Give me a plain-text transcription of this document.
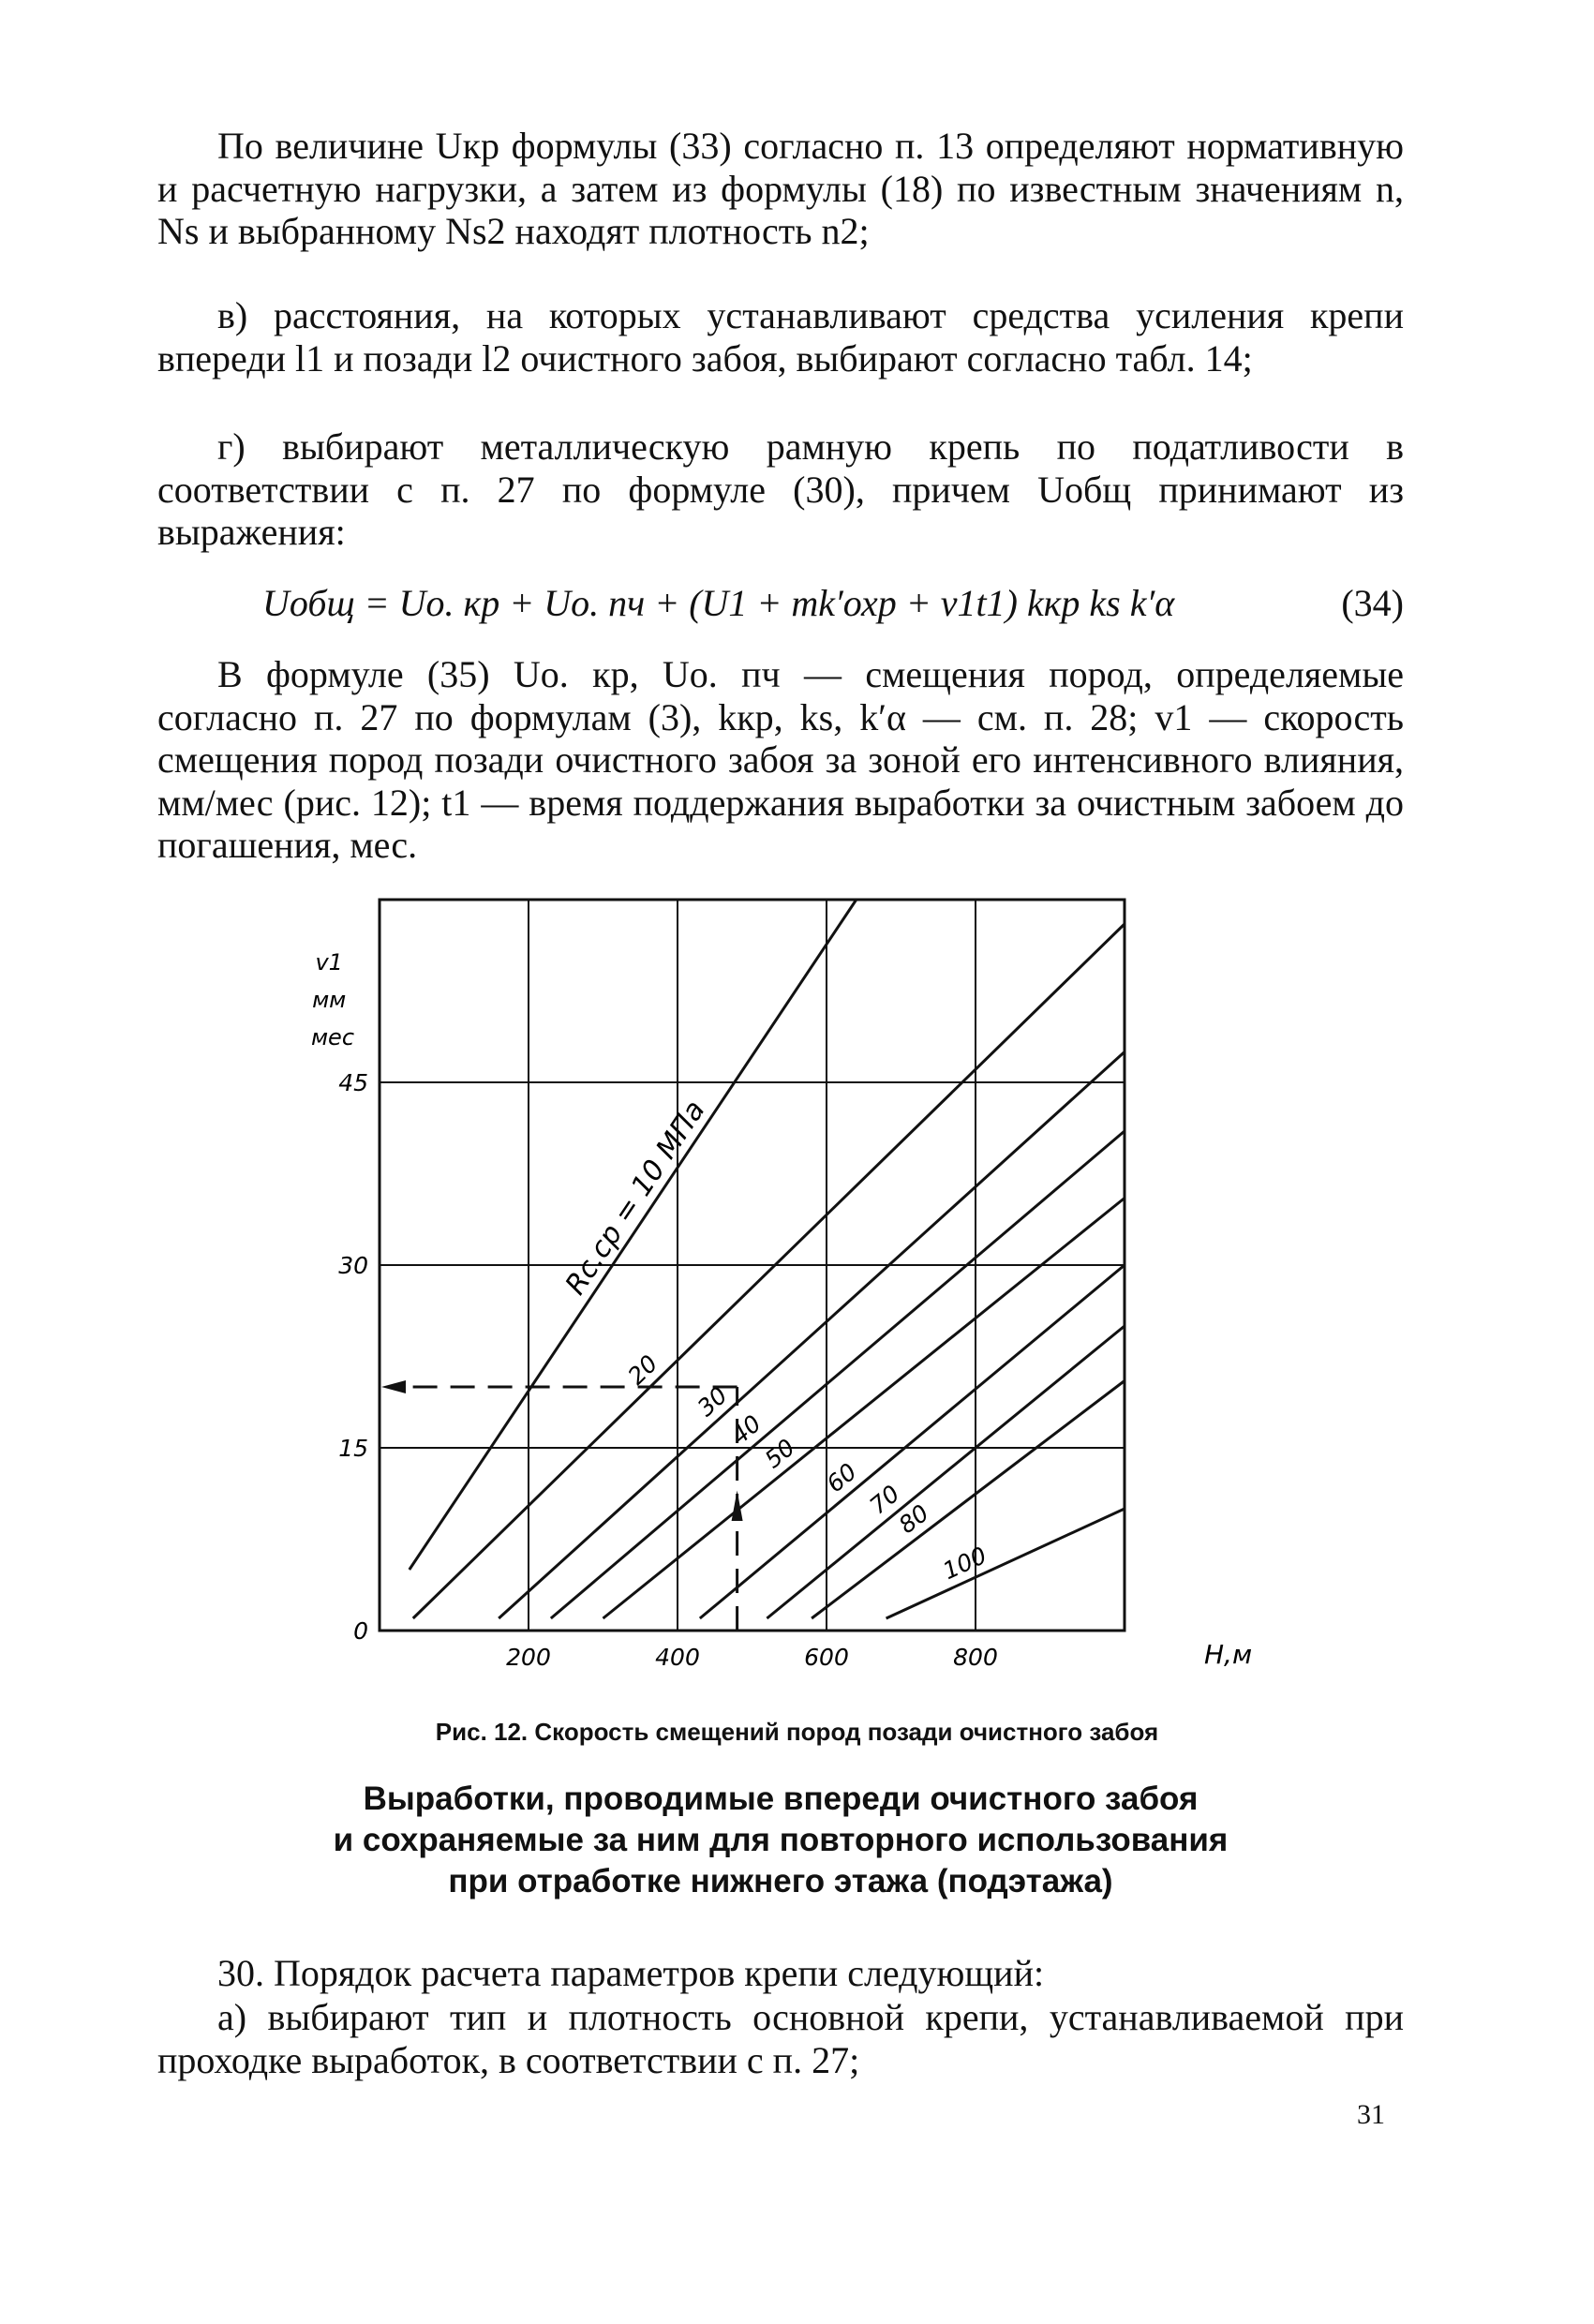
По величине Uкр формулы (33) согласно п. 13 определяют нормативную и расчетную нагрузки, а затем из формулы (18) по известным значениям n, Ns и выбранному Ns2 находят плотность n2;

в) расстояния, на которых устанавливают средства усиления крепи впереди l1 и позади l2 очистного забоя, выбирают согласно табл. 14;

г) выбирают металлическую рамную крепь по податливости в соответствии с п. 27 по формуле (30), причем Uобщ принимают из выражения:

Uобщ = Uо. кр + Uо. пч + (U1 + mk′охр + v1t1) kкр ks k′α	(34)

В формуле (35) Uо. кр, Uо. пч — смещения пород, определяемые согласно п. 27 по формулам (3), kкр, ks, k′α — см. п. 28; v1 — скорость смещения пород позади очистного забоя за зоной его интенсивного влияния, мм/мес (рис. 12); t1 — время поддержания выработки за очистным забоем до погашения, мес.

Rc.cp = 10 МПа
20
30
40
50
60
70
80
100
200	400	600	800
0
15
30
45
v1 мм мес
H,м
Рис. 12. Скорость смещений пород позади очистного забоя
Выработки, проводимые впереди очистного забоя
и сохраняемые за ним для повторного использования
при отработке нижнего этажа (подэтажа)

30. Порядок расчета параметров крепи следующий:

а) выбирают тип и плотность основной крепи, устанавливаемой при проходке выработок, в соответствии с п. 27;

31
